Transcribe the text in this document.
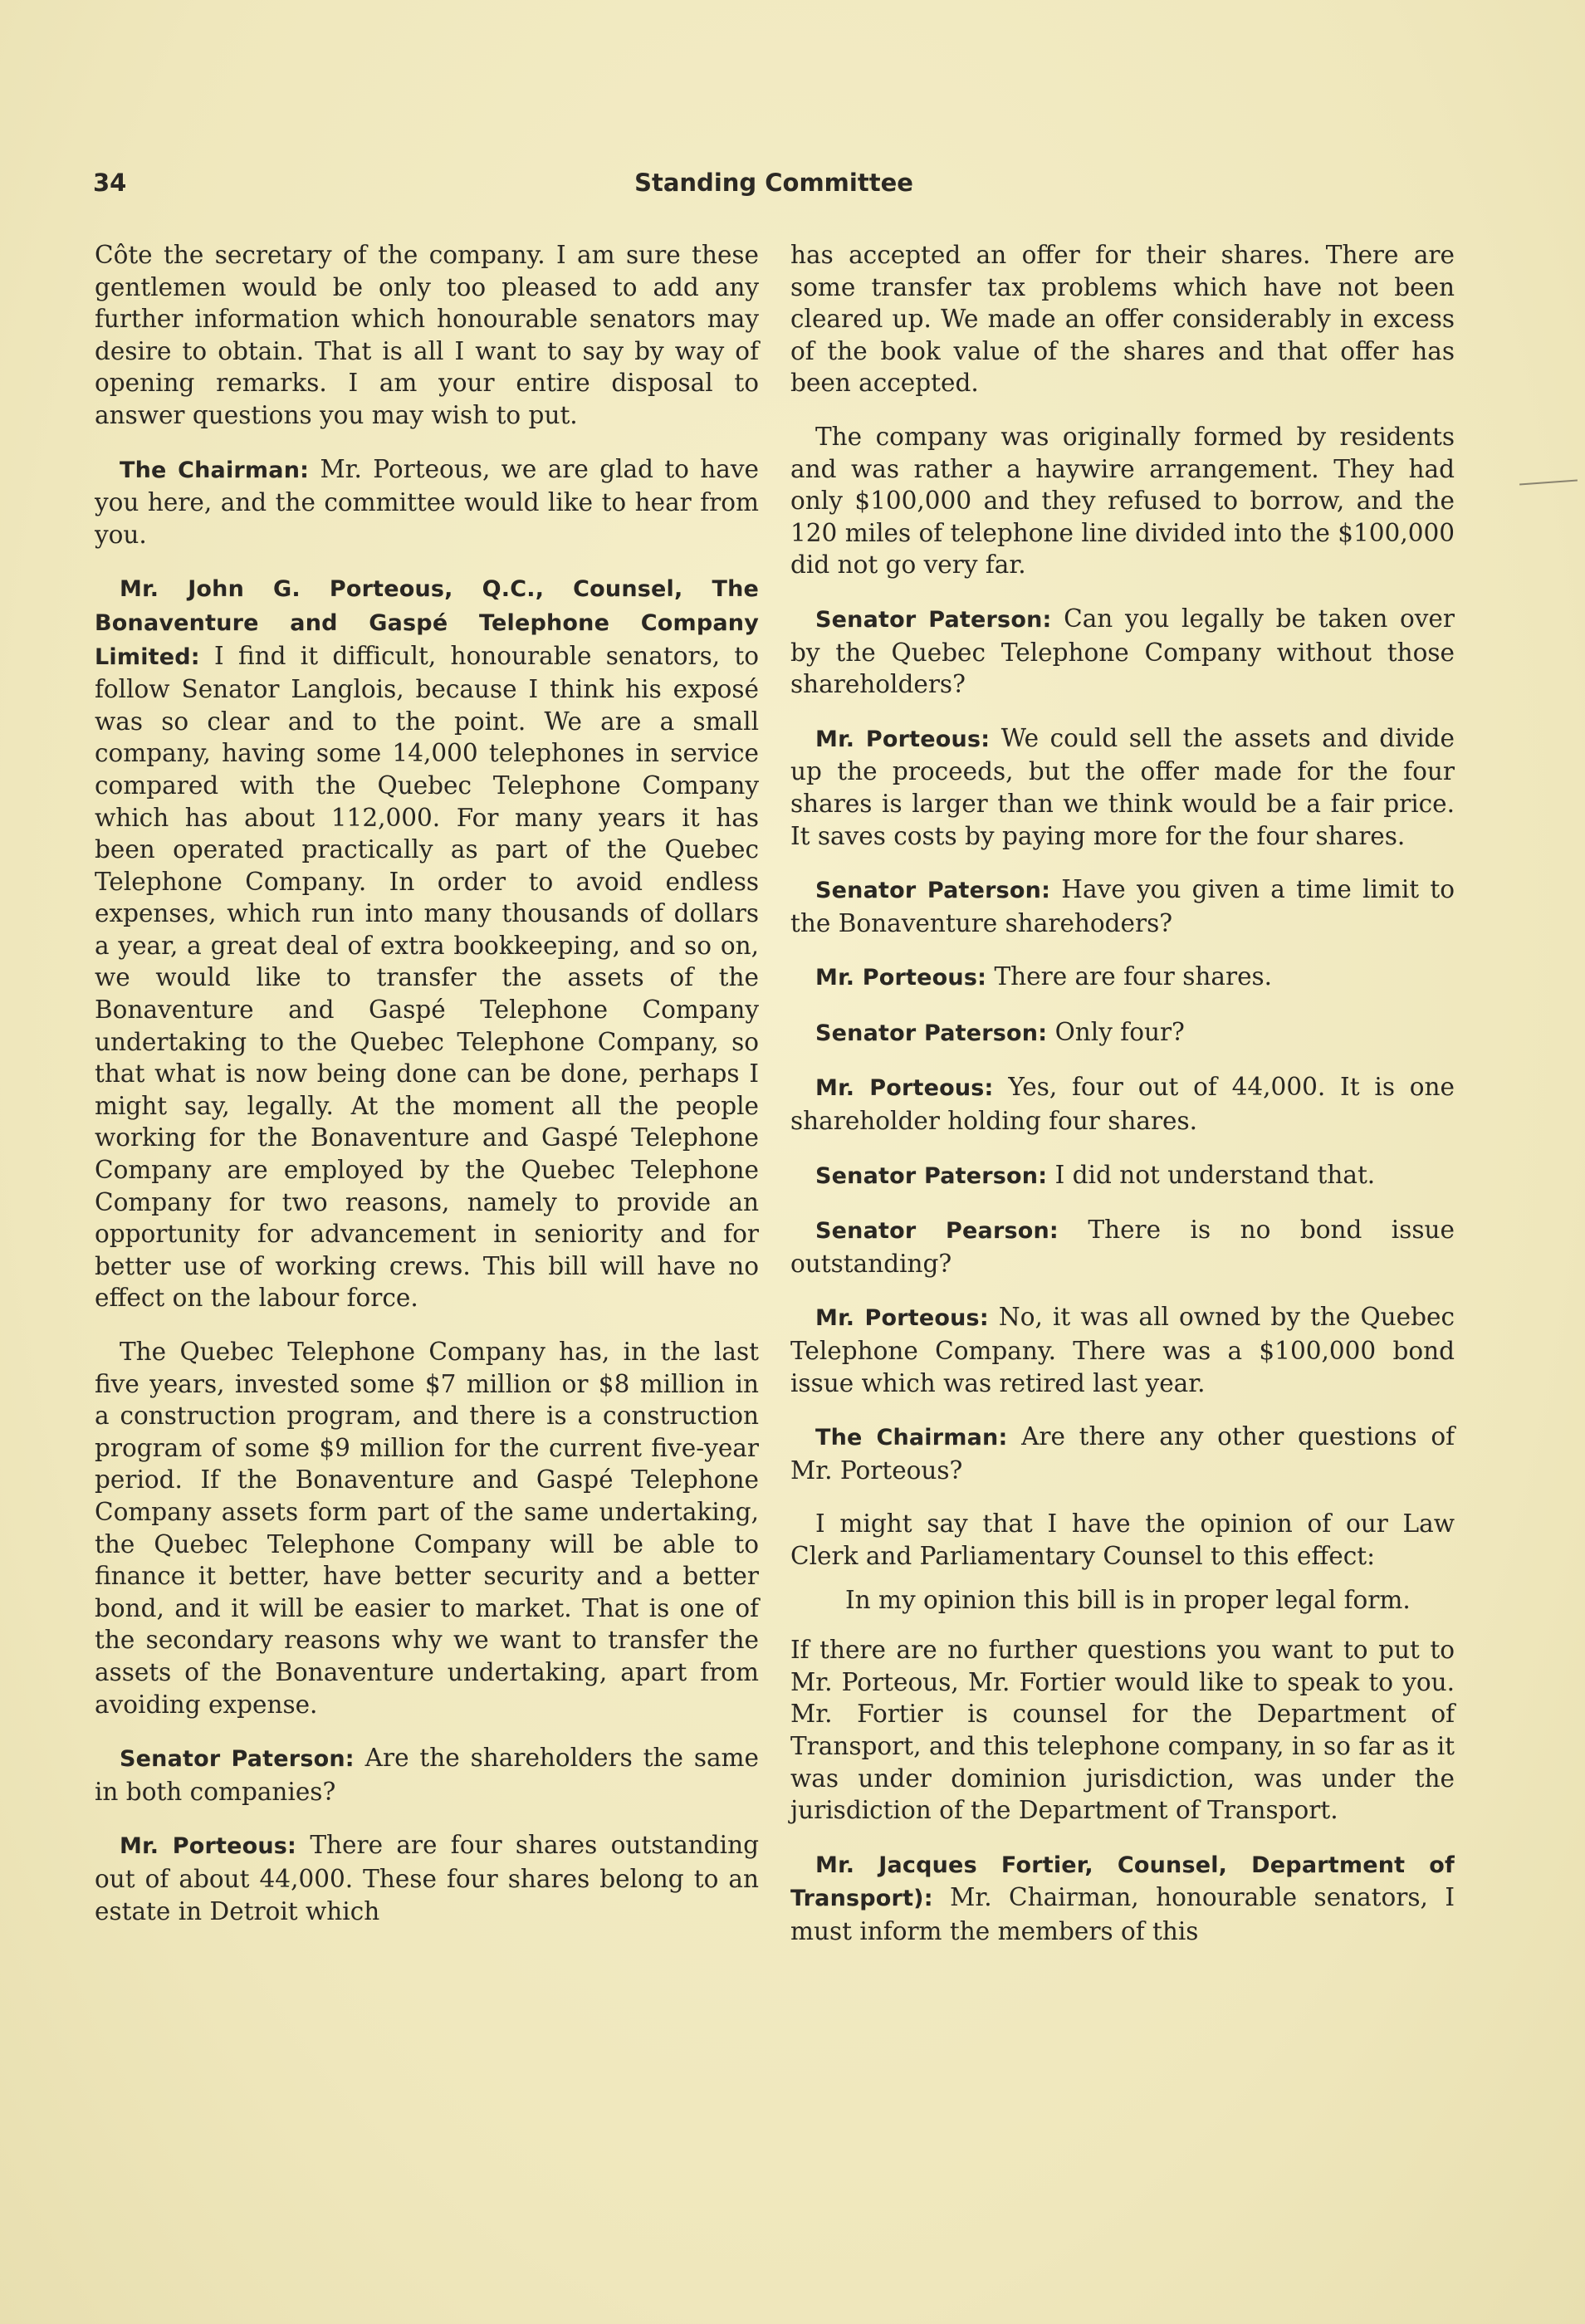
34	Standing Committee

Côte the secretary of the company. I am sure these gentlemen would be only too pleased to add any further information which honourable senators may desire to obtain. That is all I want to say by way of opening remarks. I am your entire disposal to answer questions you may wish to put.

The Chairman: Mr. Porteous, we are glad to have you here, and the committee would like to hear from you.

Mr. John G. Porteous, Q.C., Counsel, The Bonaventure and Gaspé Telephone Company Limited: I find it difficult, honourable senators, to follow Senator Langlois, because I think his exposé was so clear and to the point. We are a small company, having some 14,000 telephones in service compared with the Quebec Telephone Company which has about 112,000. For many years it has been operated practically as part of the Quebec Telephone Company. In order to avoid endless expenses, which run into many thousands of dollars a year, a great deal of extra bookkeeping, and so on, we would like to transfer the assets of the Bonaventure and Gaspé Telephone Company undertaking to the Quebec Telephone Company, so that what is now being done can be done, perhaps I might say, legally. At the moment all the people working for the Bonaventure and Gaspé Telephone Company are employed by the Quebec Telephone Company for two reasons, namely to provide an opportunity for advancement in seniority and for better use of working crews. This bill will have no effect on the labour force.

The Quebec Telephone Company has, in the last five years, invested some $7 million or $8 million in a construction program, and there is a construction program of some $9 million for the current five-year period. If the Bonaventure and Gaspé Telephone Company assets form part of the same undertaking, the Quebec Telephone Company will be able to finance it better, have better security and a better bond, and it will be easier to market. That is one of the secondary reasons why we want to transfer the assets of the Bonaventure undertaking, apart from avoiding expense.

Senator Paterson: Are the shareholders the same in both companies?

Mr. Porteous: There are four shares outstanding out of about 44,000. These four shares belong to an estate in Detroit which

has accepted an offer for their shares. There are some transfer tax problems which have not been cleared up. We made an offer considerably in excess of the book value of the shares and that offer has been accepted.

The company was originally formed by residents and was rather a haywire arrangement. They had only $100,000 and they refused to borrow, and the 120 miles of telephone line divided into the $100,000 did not go very far.

Senator Paterson: Can you legally be taken over by the Quebec Telephone Company without those shareholders?

Mr. Porteous: We could sell the assets and divide up the proceeds, but the offer made for the four shares is larger than we think would be a fair price. It saves costs by paying more for the four shares.

Senator Paterson: Have you given a time limit to the Bonaventure sharehoders?

Mr. Porteous: There are four shares.

Senator Paterson: Only four?

Mr. Porteous: Yes, four out of 44,000. It is one shareholder holding four shares.

Senator Paterson: I did not understand that.

Senator Pearson: There is no bond issue outstanding?

Mr. Porteous: No, it was all owned by the Quebec Telephone Company. There was a $100,000 bond issue which was retired last year.

The Chairman: Are there any other questions of Mr. Porteous?

I might say that I have the opinion of our Law Clerk and Parliamentary Counsel to this effect:

In my opinion this bill is in proper legal form.

If there are no further questions you want to put to Mr. Porteous, Mr. Fortier would like to speak to you. Mr. Fortier is counsel for the Department of Transport, and this telephone company, in so far as it was under dominion jurisdiction, was under the jurisdiction of the Department of Transport.

Mr. Jacques Fortier, Counsel, Department of Transport): Mr. Chairman, honourable senators, I must inform the members of this
